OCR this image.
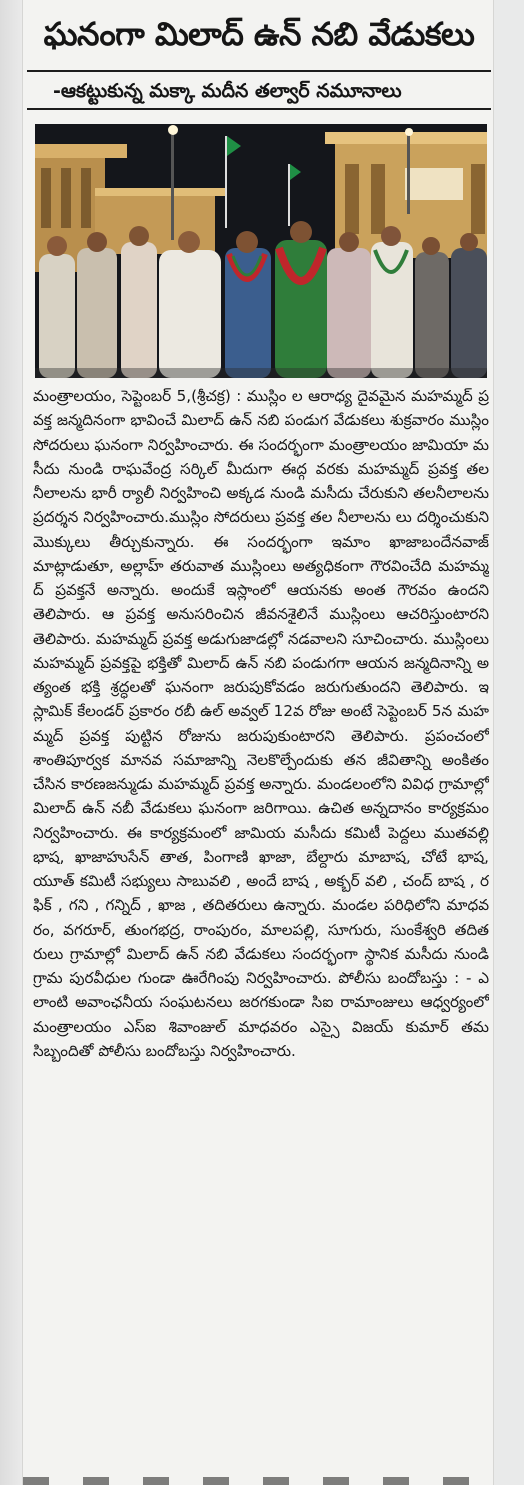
ఘనంగా మిలాద్ ఉన్ నబి వేడుకలు
-ఆకట్టుకున్న మక్కా మదీన తల్వార్ నమూనాలు

మంత్రాలయం, సెప్టెంబర్ 5,(శ్రీచక్ర) : ముస్లిం ల ఆరాధ్య దైవమైన మహమ్మద్ ప్రవక్త జన్మదినంగా భావించే మిలాద్ ఉన్ నబి పండుగ వేడుకలు శుక్రవారం ముస్లిం సోదరులు ఘనంగా నిర్వహించారు. ఈ సందర్భంగా మంత్రాలయం జామియా మసీదు నుండి రాఘవేంద్ర సర్కిల్ మీదుగా ఈద్గ వరకు మహమ్మద్ ప్రవక్త తలనీలాలను భారీ ర్యాలీ నిర్వహించి అక్కడ నుండి మసీదు చేరుకుని తలనీలాలను ప్రదర్శన నిర్వహించారు.ముస్లిం సోదరులు ప్రవక్త తల నీలాలను లు దర్శించుకుని మొక్కులు తీర్చుకున్నారు. ఈ సందర్భంగా ఇమాం ఖాజాబందేనవాజ్ మాట్లాడుతూ, అల్లాహ్ తరువాత ముస్లింలు అత్యధికంగా గౌరవించేది మహమ్మద్ ప్రవక్తనే అన్నారు. అందుకే ఇస్లాంలో ఆయనకు అంత గౌరవం ఉందని తెలిపారు. ఆ ప్రవక్త అనుసరించిన జీవనశైలినే ముస్లింలు ఆచరిస్తుంటారని తెలిపారు. మహమ్మద్ ప్రవక్త అడుగుజాడల్లో నడవాలని సూచించారు. ముస్లింలు మహమ్మద్ ప్రవక్తపై భక్తితో మిలాద్ ఉన్ నబి పండుగగా ఆయన జన్మదినాన్ని అత్యంత భక్తి శ్రద్ధలతో ఘనంగా జరుపుకోవడం జరుగుతుందని తెలిపారు. ఇస్లామిక్ కేలండర్ ప్రకారం రబీ ఉల్ అవ్వల్ 12వ రోజు అంటే సెప్టెంబర్ 5న మహమ్మద్ ప్రవక్త పుట్టిన రోజును జరుపుకుంటారని తెలిపారు. ప్రపంచంలో శాంతిపూర్వక మానవ సమాజాన్ని నెలకొల్పేందుకు తన జీవితాన్ని అంకితం చేసిన కారణజన్ముడు మహమ్మద్ ప్రవక్త అన్నారు. మండలంలోని వివిధ గ్రామాల్లో మిలాద్ ఉన్ నబీ వేడుకలు ఘనంగా జరిగాయి. ఉచిత అన్నదానం కార్యక్రమం నిర్వహించారు. ఈ కార్యక్రమంలో జామియ మసీదు కమిటీ పెద్దలు ముతవల్లి భాష, ఖాజాహుసేన్ తాత, పింగాణి ఖాజా, బేల్దారు మాబాష, చోటే భాష, యూత్ కమిటీ సభ్యులు సాబువలి , అందే బాష , అక్బర్ వలి , చంద్ బాష , రఫిక్ , గని , గన్నిద్ , ఖాజ , తదితరులు ఉన్నారు. మండల పరిధిలోని మాధవరం, వగరూర్, తుంగభద్ర, రాంపురం, మాలపల్లి, సూగురు, సుంకేశ్వరి తదితరులు గ్రామాల్లో మిలాద్ ఉన్ నబి వేడుకలు సందర్భంగా స్థానిక మసీదు నుండి గ్రామ పురవీధుల గుండా ఊరేగింపు నిర్వహించారు. పోలీసు బందోబస్తు : - ఎలాంటి అవాంఛనీయ సంఘటనలు జరగకుండా సిఐ రామాంజులు ఆధ్వర్యంలో మంత్రాలయం ఎస్ఐ శివాంజుల్ మాధవరం ఎస్సై విజయ్ కుమార్ తమ సిబ్బందితో పోలీసు బందోబస్తు నిర్వహించారు.
